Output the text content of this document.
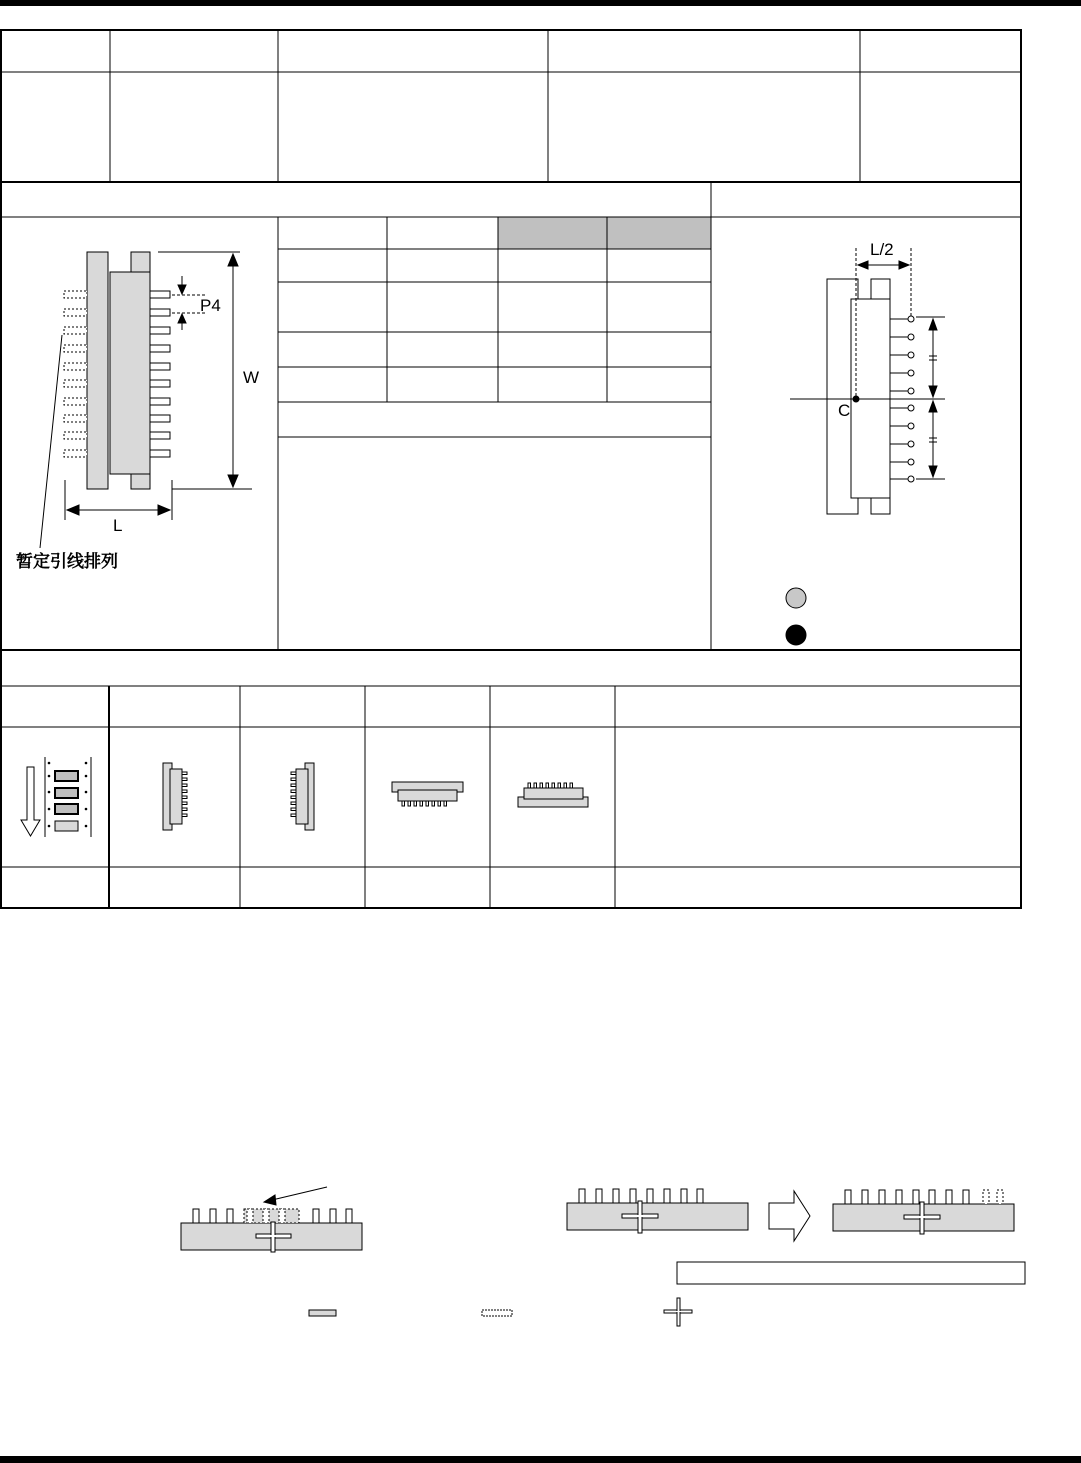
P4
W
L
暂定引线排列
L/2
C
